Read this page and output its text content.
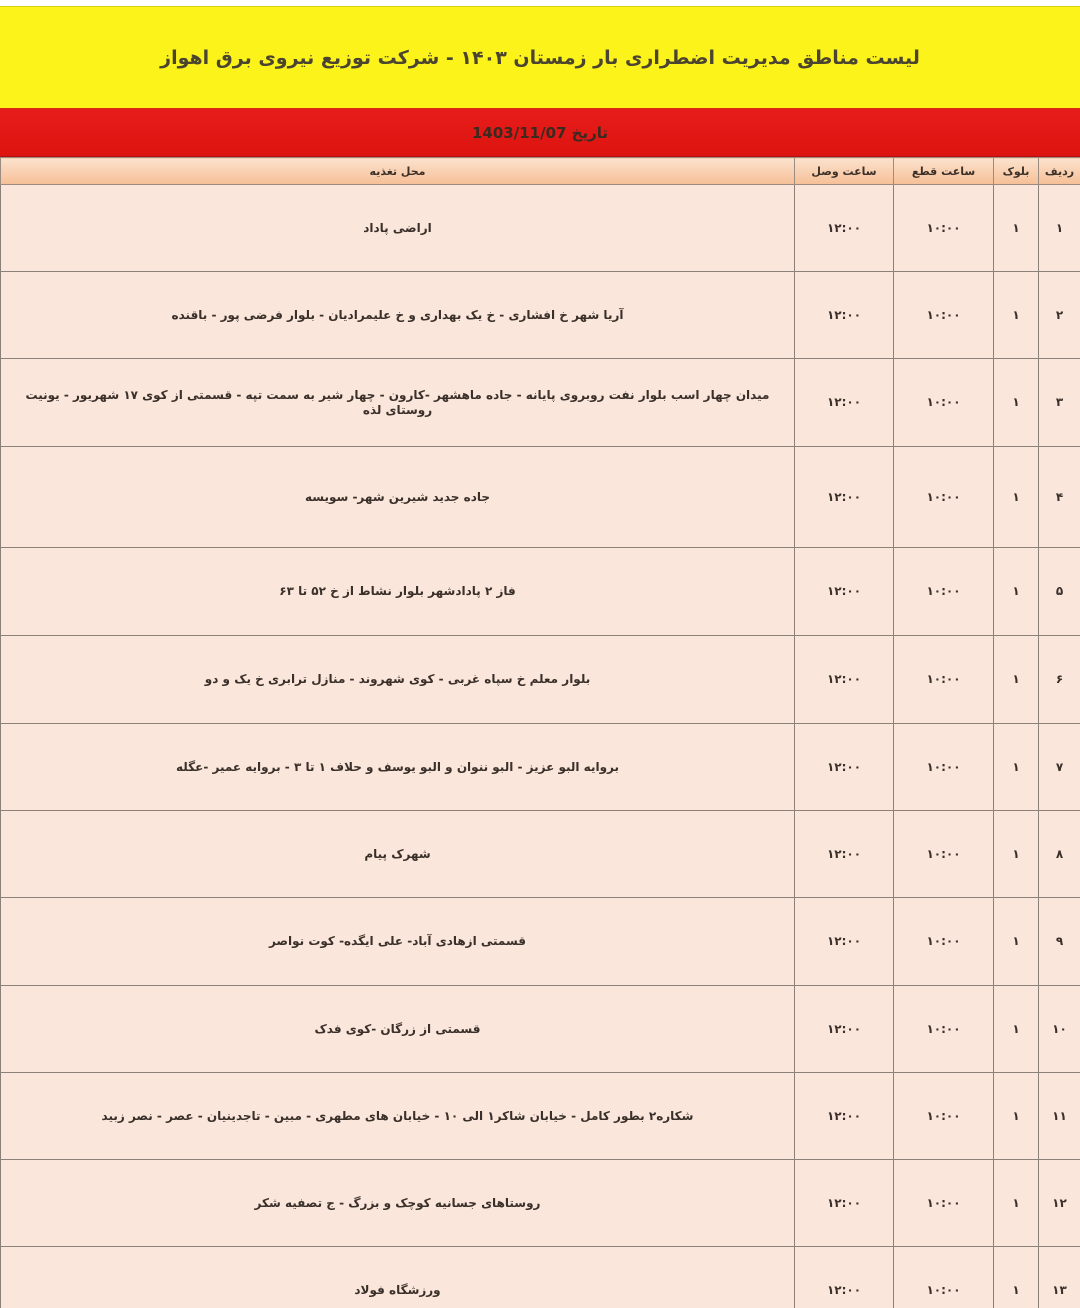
لیست مناطق مدیریت اضطراری بار زمستان ۱۴۰۳ - شرکت توزیع نیروی برق اهواز
تاریخ 1403/11/07
ردیف	بلوک	ساعت قطع	ساعت وصل	محل تغذیه
۱	۱	۱۰:۰۰	۱۲:۰۰	اراضی پاداد
۲	۱	۱۰:۰۰	۱۲:۰۰	آریا شهر خ افشاری - خ یک بهداری و خ علیمرادیان - بلوار فرضی پور - باقنده
۳	۱	۱۰:۰۰	۱۲:۰۰	میدان چهار اسب بلوار نفت روبروی پایانه - جاده ماهشهر -کارون - چهار شیر به سمت تپه - قسمتی از کوی ۱۷ شهریور - یونیت روستای لذه
۴	۱	۱۰:۰۰	۱۲:۰۰	جاده جدید شیرین شهر- سویسه
۵	۱	۱۰:۰۰	۱۲:۰۰	فاز ۲ پادادشهر بلوار نشاط از خ ۵۲ تا ۶۳
۶	۱	۱۰:۰۰	۱۲:۰۰	بلوار معلم خ سپاه غربی - کوی شهروند - منازل ترابری خ یک و دو
۷	۱	۱۰:۰۰	۱۲:۰۰	بروایه البو عزیز - البو ننوان و البو یوسف و حلاف ۱ تا ۳ - بروایه عمیر -عگله
۸	۱	۱۰:۰۰	۱۲:۰۰	شهرک پیام
۹	۱	۱۰:۰۰	۱۲:۰۰	قسمتی ازهادی آباد- علی ایگده- کوت نواصر
۱۰	۱	۱۰:۰۰	۱۲:۰۰	قسمتی از زرگان -کوی فدک
۱۱	۱	۱۰:۰۰	۱۲:۰۰	شکاره۲ بطور کامل - خیابان شاکر۱ الی ۱۰ - خیابان های مطهری - مبین - تاجدینیان - عصر - نصر زبید
۱۲	۱	۱۰:۰۰	۱۲:۰۰	روستاهای جسانیه کوچک و بزرگ - ج تصفیه شکر
۱۳	۱	۱۰:۰۰	۱۲:۰۰	ورزشگاه فولاد
